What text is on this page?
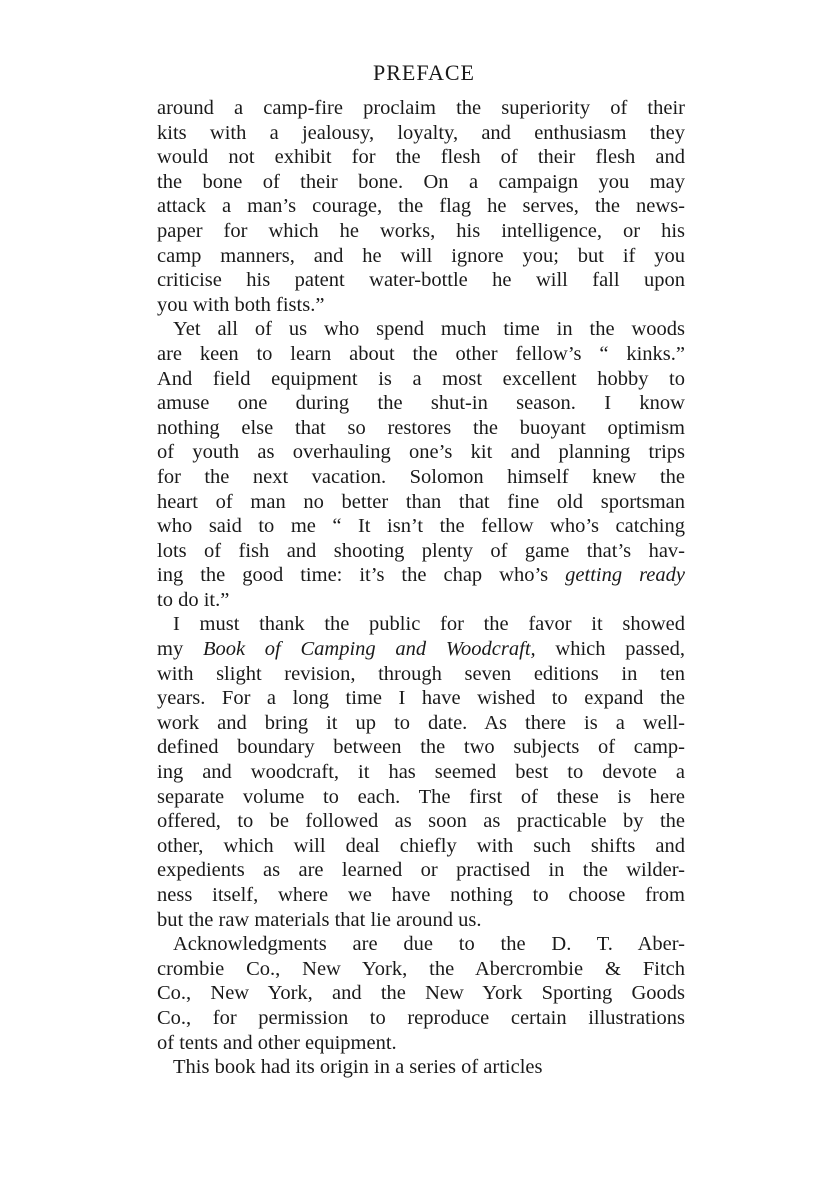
PREFACE

around a camp-fire proclaim the superiority of their
kits with a jealousy, loyalty, and enthusiasm they
would not exhibit for the flesh of their flesh and
the bone of their bone. On a campaign you may
attack a man’s courage, the flag he serves, the news-
paper for which he works, his intelligence, or his
camp manners, and he will ignore you; but if you
criticise his patent water-bottle he will fall upon
you with both fists.”

Yet all of us who spend much time in the woods
are keen to learn about the other fellow’s “ kinks.”
And field equipment is a most excellent hobby to
amuse one during the shut-in season. I know
nothing else that so restores the buoyant optimism
of youth as overhauling one’s kit and planning trips
for the next vacation. Solomon himself knew the
heart of man no better than that fine old sportsman
who said to me “ It isn’t the fellow who’s catching
lots of fish and shooting plenty of game that’s hav-
ing the good time: it’s the chap who’s getting ready
to do it.”

I must thank the public for the favor it showed
my Book of Camping and Woodcraft, which passed,
with slight revision, through seven editions in ten
years. For a long time I have wished to expand the
work and bring it up to date. As there is a well-
defined boundary between the two subjects of camp-
ing and woodcraft, it has seemed best to devote a
separate volume to each. The first of these is here
offered, to be followed as soon as practicable by the
other, which will deal chiefly with such shifts and
expedients as are learned or practised in the wilder-
ness itself, where we have nothing to choose from
but the raw materials that lie around us.

Acknowledgments are due to the D. T. Aber-
crombie Co., New York, the Abercrombie & Fitch
Co., New York, and the New York Sporting Goods
Co., for permission to reproduce certain illustrations
of tents and other equipment.

This book had its origin in a series of articles
